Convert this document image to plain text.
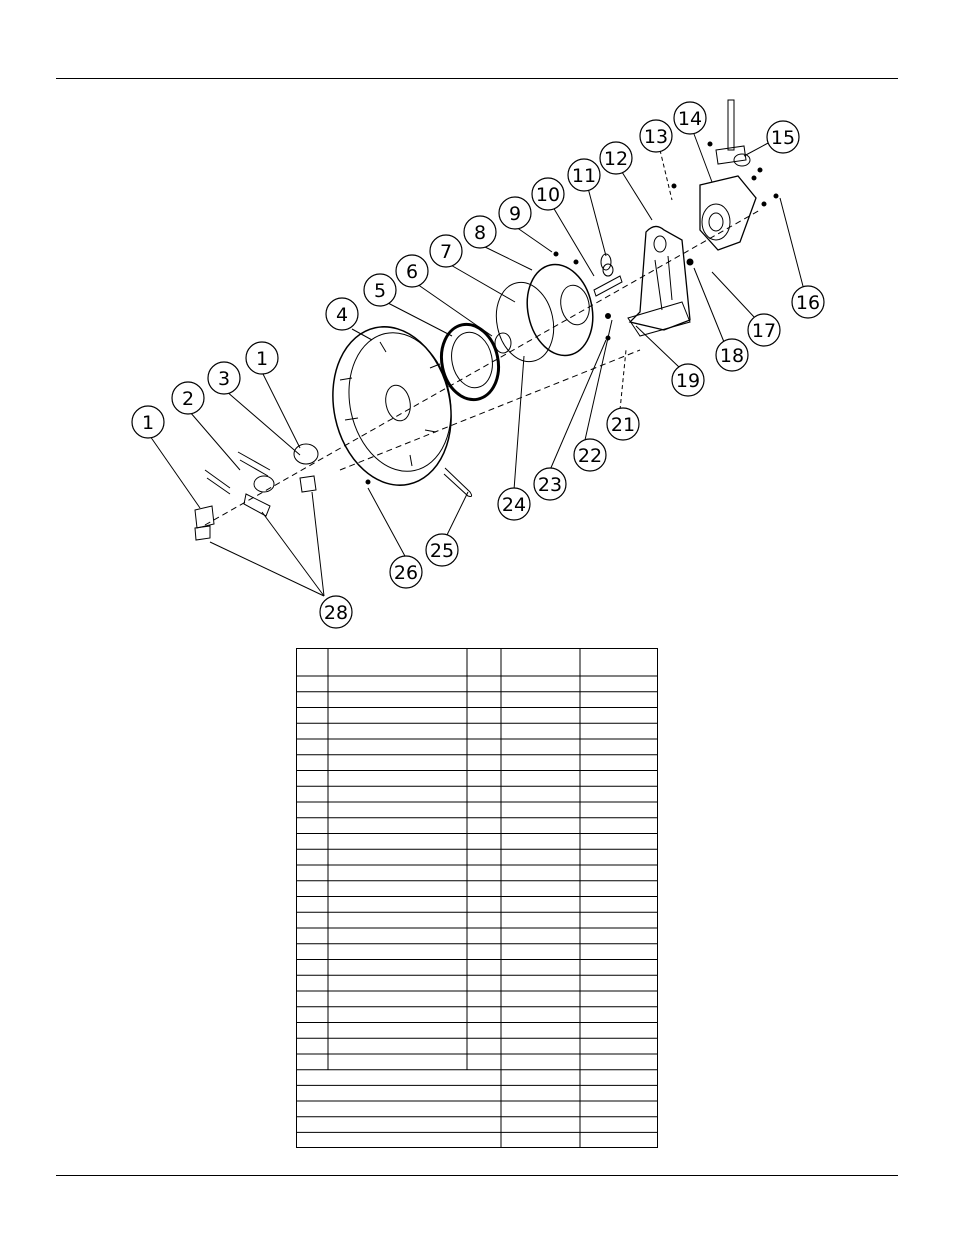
1
2
3
1
4
5
6
7
8
9
10
11
12
13
14
15
16
17
18
19
21
22
23
24
25
26
28
